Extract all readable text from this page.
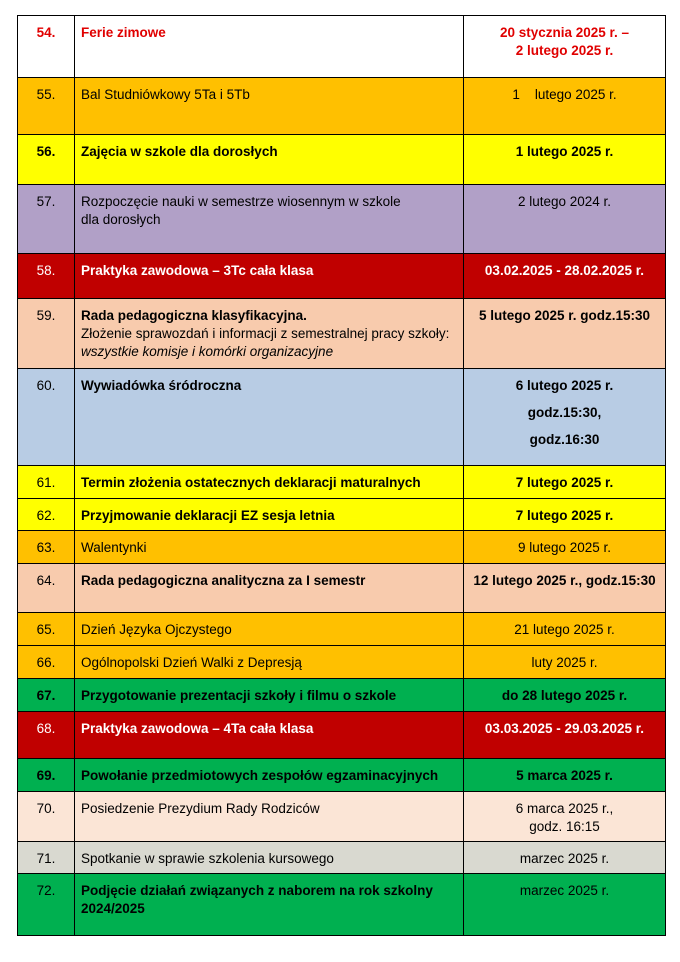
54.	Ferie zimowe	20 stycznia 2025 r. –
2 lutego 2025 r.

55.	Bal Studniówkowy 5Ta i 5Tb	1    lutego 2025 r.

56.	Zajęcia w szkole dla dorosłych	1 lutego 2025 r.

57.	Rozpoczęcie nauki w semestrze wiosennym w szkole
dla dorosłych	2 lutego 2024 r.

58.	Praktyka zawodowa – 3Tc cała klasa	03.02.2025 - 28.02.2025 r.

59.	Rada pedagogiczna klasyfikacyjna.
Złożenie sprawozdań i informacji z semestralnej pracy szkoły:
wszystkie komisje i komórki organizacyjne	5 lutego 2025 r. godz.15:30

60.	Wywiadówka śródroczna	6 lutego 2025 r.
godz.15:30,
godz.16:30

61.	Termin złożenia ostatecznych deklaracji maturalnych	7 lutego 2025 r.

62.	Przyjmowanie deklaracji EZ sesja letnia	7 lutego 2025 r.

63.	Walentynki	9 lutego 2025 r.

64.	Rada pedagogiczna analityczna za I semestr	12 lutego 2025 r., godz.15:30

65.	Dzień Języka Ojczystego	21 lutego 2025 r.

66.	Ogólnopolski Dzień Walki z Depresją	luty 2025 r.

67.	Przygotowanie prezentacji szkoły i filmu o szkole	do 28 lutego 2025 r.

68.	Praktyka zawodowa – 4Ta cała klasa	03.03.2025 - 29.03.2025 r.

69.	Powołanie przedmiotowych zespołów egzaminacyjnych	5 marca 2025 r.

70.	Posiedzenie Prezydium Rady Rodziców	6 marca 2025 r.,
godz. 16:15

71.	Spotkanie w sprawie szkolenia kursowego	marzec 2025 r.

72.	Podjęcie działań związanych z naborem na rok szkolny
2024/2025	marzec 2025 r.
